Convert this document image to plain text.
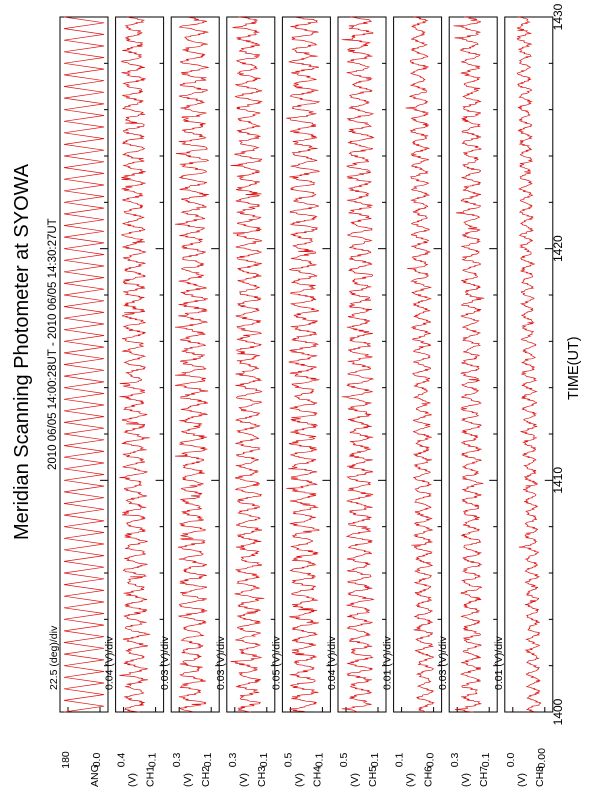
Meridian Scanning Photometer at SYOWA 2010 06/05 14:00:28UT - 2010 06/05 14:30:27UT	TIME(UT)
22.5 (deg)/div
ANG
180 0.0
0.04 (V)/div
CH1
(V)
0.4 0.1
0.03 (V)/div
CH2
(V)
0.3 0.1
0.03 (V)/div
CH3
(V)
0.3 0.1
0.05 (V)/div
CH4
(V)
0.5 0.1
0.04 (V)/div
CH5
(V)
0.5 0.1
0.01 (V)/div
CH6
(V)
0.1 0.0
0.03 (V)/div
CH7
(V)
0.3 0.1
0.01 (V)/div
CH8
(V)
0.0 -0.00
1400
1410
1420
1430
